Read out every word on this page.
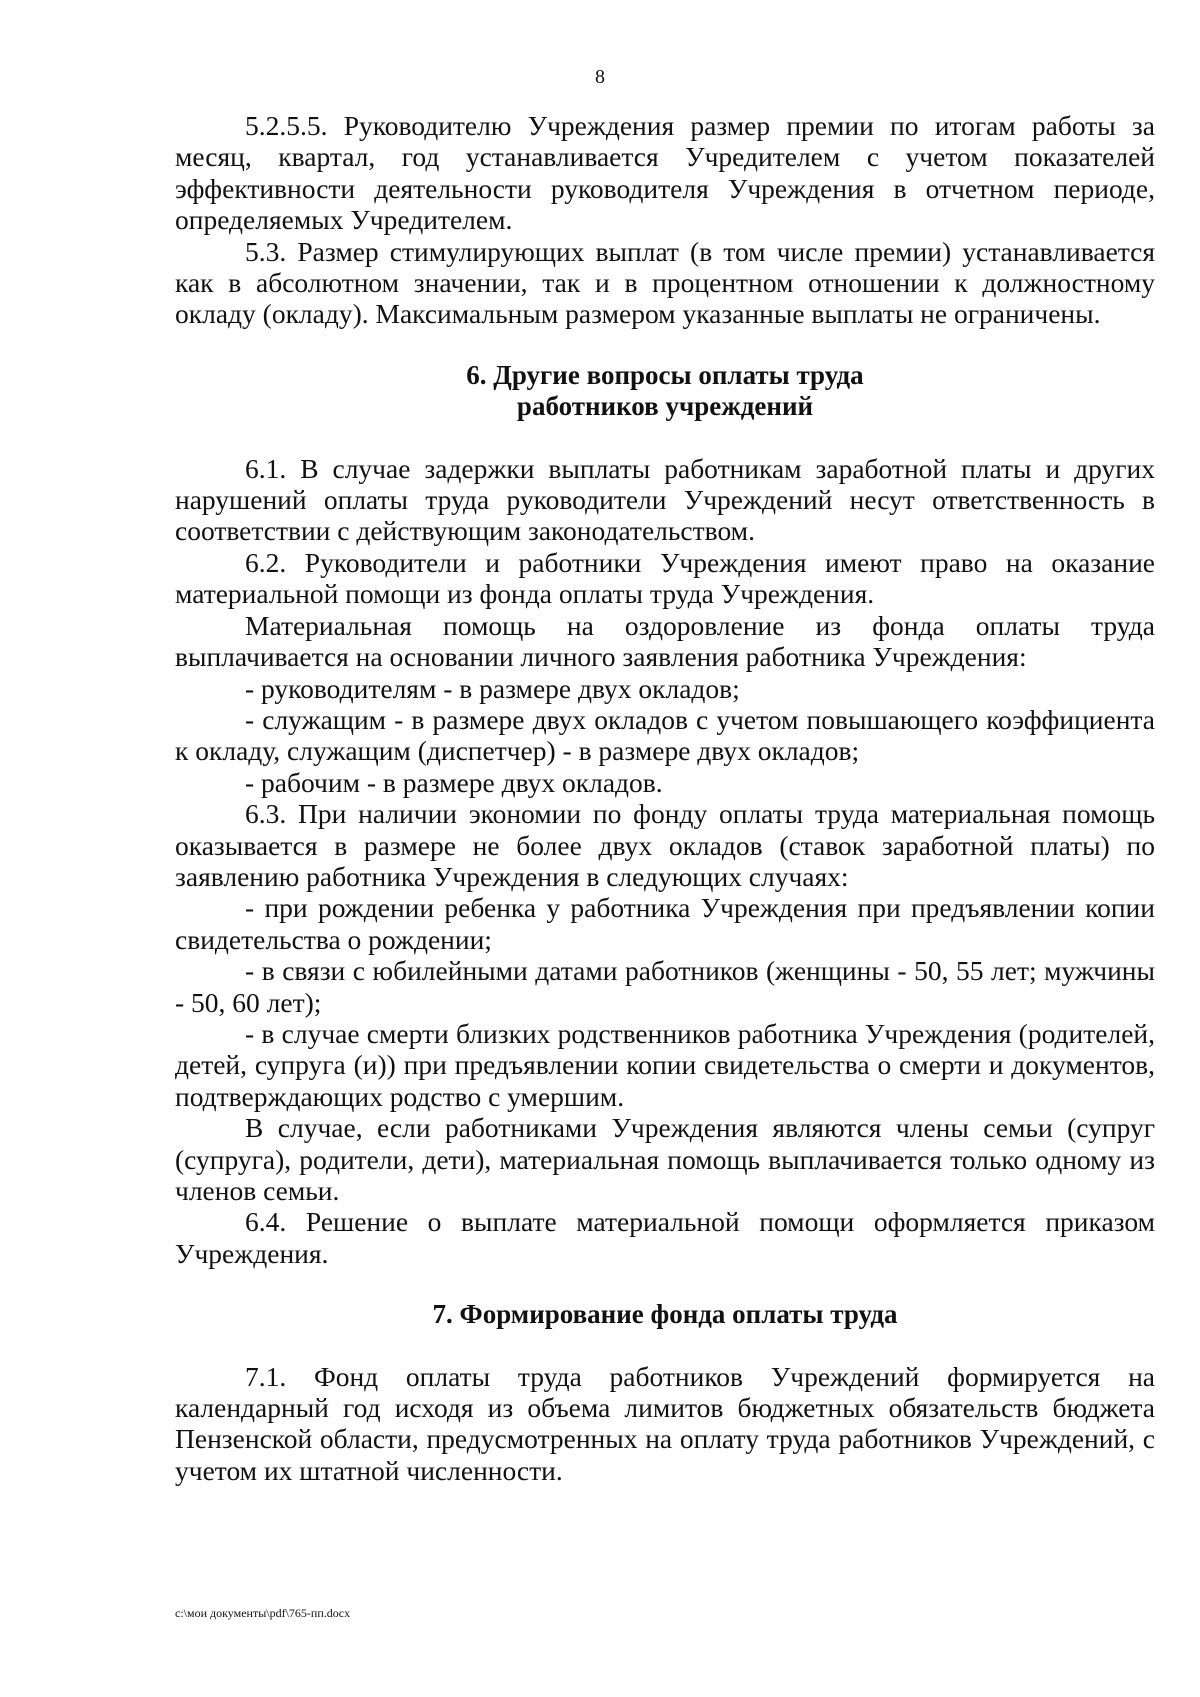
8

5.2.5.5. Руководителю Учреждения размер премии по итогам работы за месяц, квартал, год устанавливается Учредителем с учетом показателей эффективности деятельности руководителя Учреждения в отчетном периоде, определяемых Учредителем.

5.3. Размер стимулирующих выплат (в том числе премии) устанавливается как в абсолютном значении, так и в процентном отношении к должностному окладу (окладу). Максимальным размером указанные выплаты не ограничены.

6. Другие вопросы оплаты труда
работников учреждений

6.1. В случае задержки выплаты работникам заработной платы и других нарушений оплаты труда руководители Учреждений несут ответственность в соответствии с действующим законодательством.

6.2. Руководители и работники Учреждения имеют право на оказание материальной помощи из фонда оплаты труда Учреждения.

Материальная помощь на оздоровление из фонда оплаты труда выплачивается на основании личного заявления работника Учреждения:

- руководителям - в размере двух окладов;

- служащим - в размере двух окладов с учетом повышающего коэффициента к окладу, служащим (диспетчер) - в размере двух окладов;

- рабочим - в размере двух окладов.

6.3. При наличии экономии по фонду оплаты труда материальная помощь оказывается в размере не более двух окладов (ставок заработной платы) по заявлению работника Учреждения в следующих случаях:

- при рождении ребенка у работника Учреждения при предъявлении копии свидетельства о рождении;

- в связи с юбилейными датами работников (женщины - 50, 55 лет; мужчины - 50, 60 лет);

- в случае смерти близких родственников работника Учреждения (родителей, детей, супруга (и)) при предъявлении копии свидетельства о смерти и документов, подтверждающих родство с умершим.

В случае, если работниками Учреждения являются члены семьи (супруг (супруга), родители, дети), материальная помощь выплачивается только одному из членов семьи.

6.4. Решение о выплате материальной помощи оформляется приказом Учреждения.

7. Формирование фонда оплаты труда

7.1. Фонд оплаты труда работников Учреждений формируется на календарный год исходя из объема лимитов бюджетных обязательств бюджета Пензенской области, предусмотренных на оплату труда работников Учреждений, с учетом их штатной численности.

c:\мои документы\pdf\765-пп.docx
